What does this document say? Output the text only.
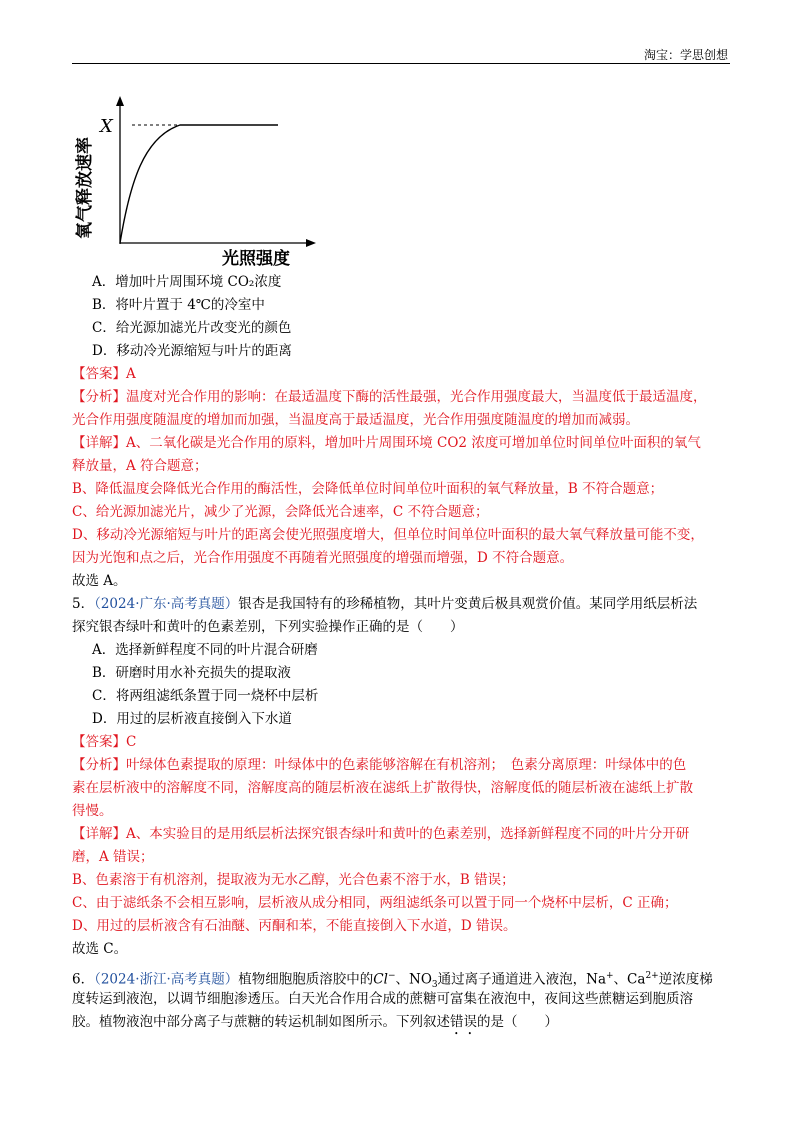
淘宝：学思创想
X
氧气释放速率
光照强度
A．增加叶片周围环境 CO₂浓度
B．将叶片置于 4℃的冷室中
C．给光源加滤光片改变光的颜色
D．移动冷光源缩短与叶片的距离
【答案】A
【分析】温度对光合作用的影响：在最适温度下酶的活性最强，光合作用强度最大，当温度低于最适温度，
光合作用强度随温度的增加而加强，当温度高于最适温度，光合作用强度随温度的增加而减弱。
【详解】A、二氧化碳是光合作用的原料，增加叶片周围环境 CO2 浓度可增加单位时间单位叶面积的氧气
释放量，A 符合题意；
B、降低温度会降低光合作用的酶活性，会降低单位时间单位叶面积的氧气释放量，B 不符合题意；
C、给光源加滤光片，减少了光源，会降低光合速率，C 不符合题意；
D、移动冷光源缩短与叶片的距离会使光照强度增大，但单位时间单位叶面积的最大氧气释放量可能不变，
因为光饱和点之后，光合作用强度不再随着光照强度的增强而增强，D 不符合题意。
故选 A。
5．（2024·广东·高考真题）银杏是我国特有的珍稀植物，其叶片变黄后极具观赏价值。某同学用纸层析法
探究银杏绿叶和黄叶的色素差别，下列实验操作正确的是（　　）
A．选择新鲜程度不同的叶片混合研磨
B．研磨时用水补充损失的提取液
C．将两组滤纸条置于同一烧杯中层析
D．用过的层析液直接倒入下水道
【答案】C
【分析】叶绿体色素提取的原理：叶绿体中的色素能够溶解在有机溶剂；　色素分离原理：叶绿体中的色
素在层析液中的溶解度不同，溶解度高的随层析液在滤纸上扩散得快，溶解度低的随层析液在滤纸上扩散
得慢。
【详解】A、本实验目的是用纸层析法探究银杏绿叶和黄叶的色素差别，选择新鲜程度不同的叶片分开研
磨，A 错误；
B、色素溶于有机溶剂，提取液为无水乙醇，光合色素不溶于水，B 错误；
C、由于滤纸条不会相互影响，层析液从成分相同，两组滤纸条可以置于同一个烧杯中层析，C 正确；
D、用过的层析液含有石油醚、丙酮和苯，不能直接倒入下水道，D 错误。
故选 C。
6．（2024·浙江·高考真题）植物细胞胞质溶胶中的Cl−、$NO_3$通过离子通道进入液泡，Na+、$Ca^{2+}$逆浓度梯
度转运到液泡，以调节细胞渗透压。白天光合作用合成的蔗糖可富集在液泡中，夜间这些蔗糖运到胞质溶
胶。植物液泡中部分离子与蔗糖的转运机制如图所示。下列叙述错误的是（　　）
